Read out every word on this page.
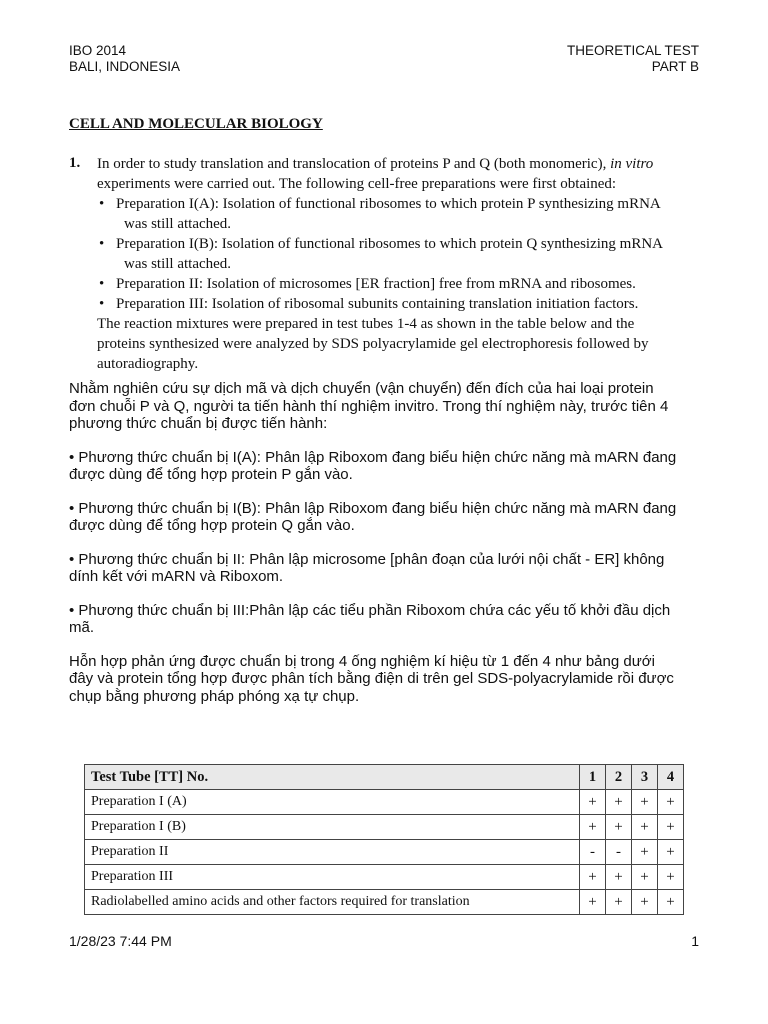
IBO 2014
BALI, INDONESIA
THEORETICAL TEST
PART B
CELL AND MOLECULAR BIOLOGY
1. In order to study translation and translocation of proteins P and Q (both monomeric), in vitro

experiments were carried out. The following cell-free preparations were first obtained:

• Preparation I(A): Isolation of functional ribosomes to which protein P synthesizing mRNA
was still attached.
• Preparation I(B): Isolation of functional ribosomes to which protein Q synthesizing mRNA
was still attached.
• Preparation II: Isolation of microsomes [ER fraction] free from mRNA and ribosomes.
• Preparation III: Isolation of ribosomal subunits containing translation initiation factors.

The reaction mixtures were prepared in test tubes 1-4 as shown in the table below and the

proteins synthesized were analyzed by SDS polyacrylamide gel electrophoresis followed by

autoradiography.

Nhằm nghiên cứu sự dịch mã và dịch chuyển (vận chuyển) đến đích của hai loại protein
đơn chuỗi P và Q, người ta tiến hành thí nghiệm invitro. Trong thí nghiệm này, trước tiên 4
phương thức chuẩn bị được tiến hành:

• Phương thức chuẩn bị I(A): Phân lập Riboxom đang biểu hiện chức năng mà mARN đang
được dùng để tổng hợp protein P gắn vào.

• Phương thức chuẩn bị I(B): Phân lập Riboxom đang biểu hiện chức năng mà mARN đang
được dùng để tổng hợp protein Q gắn vào.

• Phương thức chuẩn bị II: Phân lập microsome [phân đoạn của lưới nội chất - ER] không
dính kết với mARN và Riboxom.

• Phương thức chuẩn bị III:Phân lập các tiểu phần Riboxom chứa các yếu tố khởi đầu dịch
mã.

Hỗn hợp phản ứng được chuẩn bị trong 4 ống nghiệm kí hiệu từ 1 đến 4 như bảng dưới
đây và protein tổng hợp được phân tích bằng điện di trên gel SDS-polyacrylamide rồi được
chụp bằng phương pháp phóng xạ tự chụp.

Test Tube [TT] No.	1	2	3	4
Preparation I (A)	+	+	+	+
Preparation I (B)	+	+	+	+
Preparation II	-	-	+	+
Preparation III	+	+	+	+
Radiolabelled amino acids and other factors required for translation	+	+	+	+
1/28/23 7:44 PM	1
